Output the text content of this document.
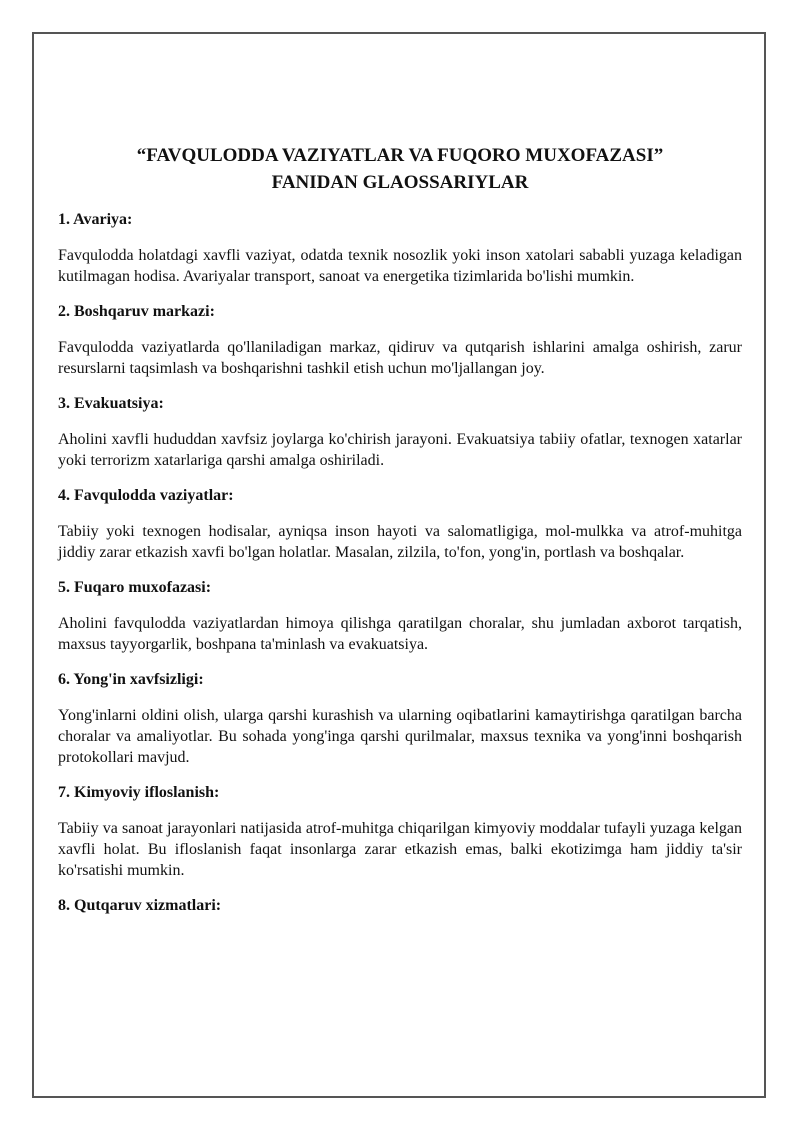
“FAVQULODDA VAZIYATLAR VA FUQORO MUXOFAZASI”
FANIDAN GLAOSSARIYLAR

1. Avariya:

Favqulodda holatdagi xavfli vaziyat, odatda texnik nosozlik yoki inson xatolari sababli yuzaga keladigan kutilmagan hodisa. Avariyalar transport, sanoat va energetika tizimlarida bo'lishi mumkin.

2. Boshqaruv markazi:

Favqulodda vaziyatlarda qo'llaniladigan markaz, qidiruv va qutqarish ishlarini amalga oshirish, zarur resurslarni taqsimlash va boshqarishni tashkil etish uchun mo'ljallangan joy.

3. Evakuatsiya:

Aholini xavfli hududdan xavfsiz joylarga ko'chirish jarayoni. Evakuatsiya tabiiy ofatlar, texnogen xatarlar yoki terrorizm xatarlariga qarshi amalga oshiriladi.

4. Favqulodda vaziyatlar:

Tabiiy yoki texnogen hodisalar, ayniqsa inson hayoti va salomatligiga, mol-mulkka va atrof-muhitga jiddiy zarar etkazish xavfi bo'lgan holatlar. Masalan, zilzila, to'fon, yong'in, portlash va boshqalar.

5. Fuqaro muxofazasi:

Aholini favqulodda vaziyatlardan himoya qilishga qaratilgan choralar, shu jumladan axborot tarqatish, maxsus tayyorgarlik, boshpana ta'minlash va evakuatsiya.

6. Yong'in xavfsizligi:

Yong'inlarni oldini olish, ularga qarshi kurashish va ularning oqibatlarini kamaytirishga qaratilgan barcha choralar va amaliyotlar. Bu sohada yong'inga qarshi qurilmalar, maxsus texnika va yong'inni boshqarish protokollari mavjud.

7. Kimyoviy ifloslanish:

Tabiiy va sanoat jarayonlari natijasida atrof-muhitga chiqarilgan kimyoviy moddalar tufayli yuzaga kelgan xavfli holat. Bu ifloslanish faqat insonlarga zarar etkazish emas, balki ekotizimga ham jiddiy ta'sir ko'rsatishi mumkin.

8. Qutqaruv xizmatlari:
